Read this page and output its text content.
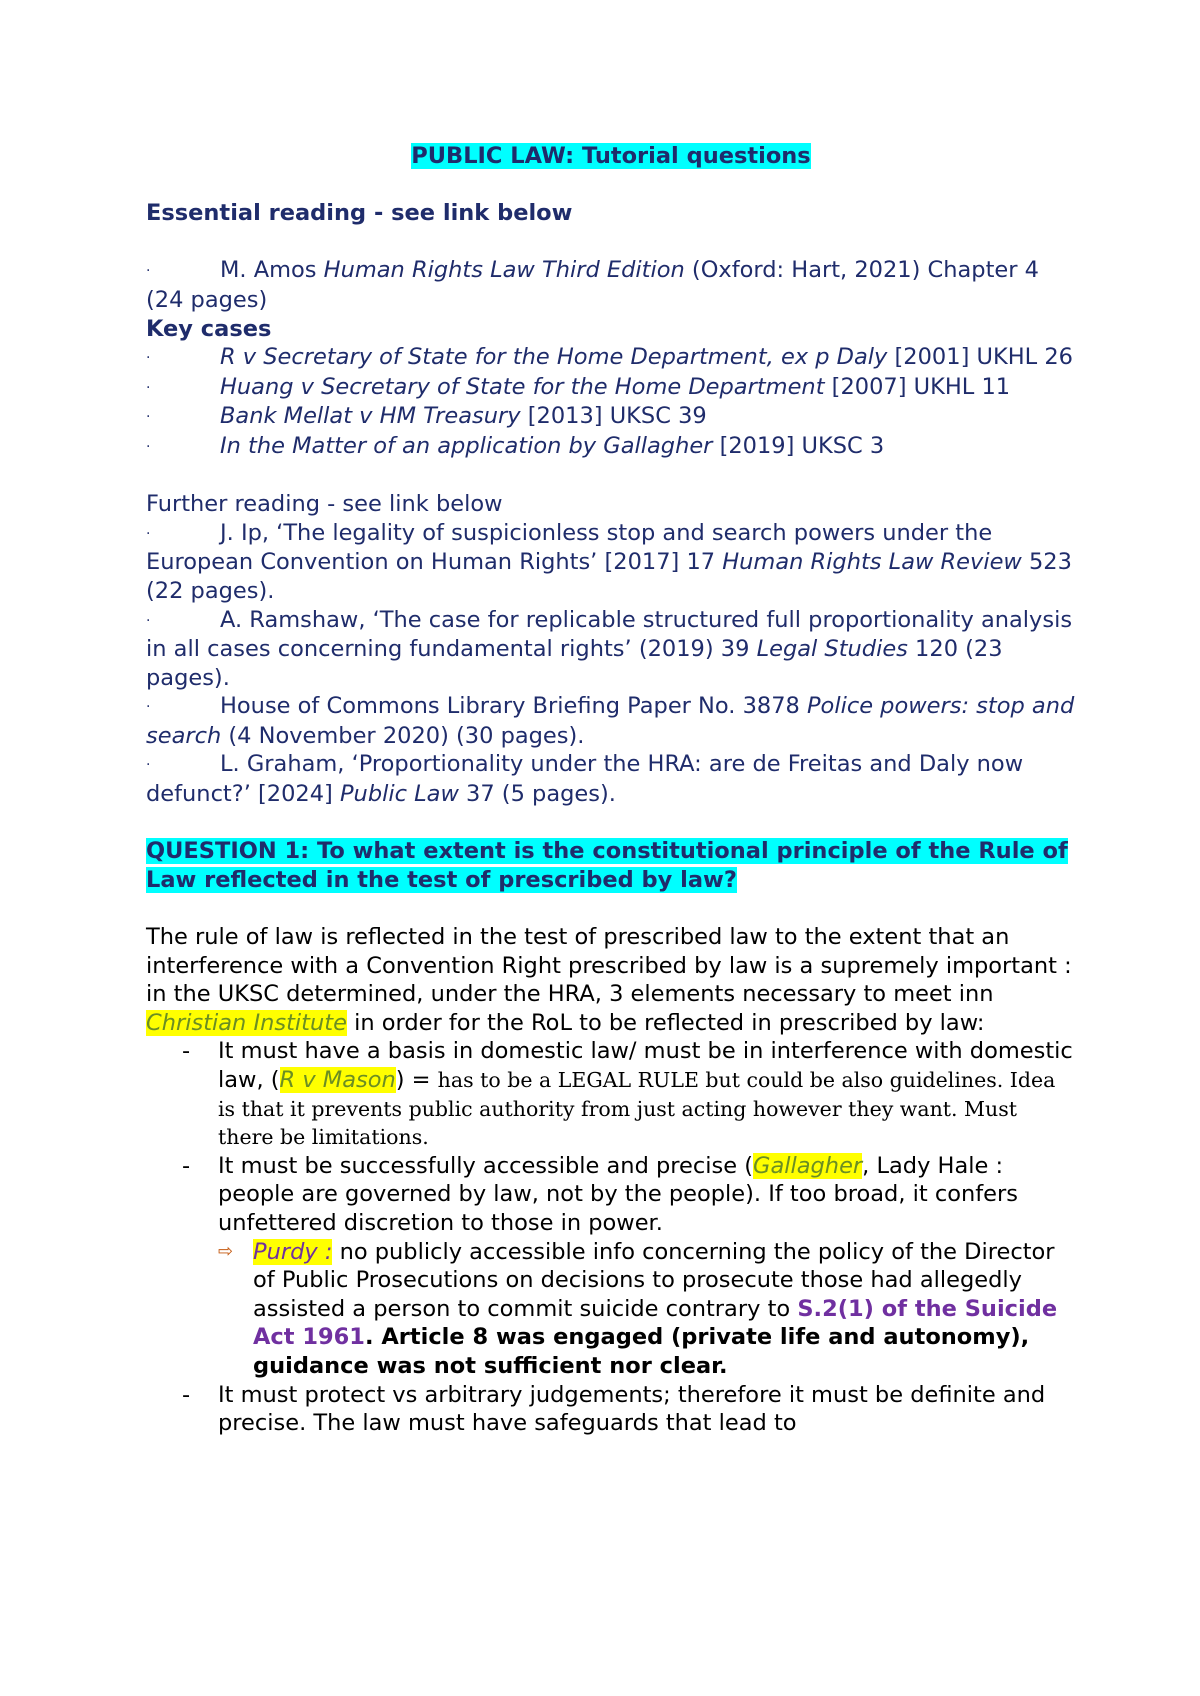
PUBLIC LAW: Tutorial questions
Essential reading - see link below
·	M. Amos Human Rights Law Third Edition (Oxford: Hart, 2021) Chapter 4 (24 pages)
Key cases
·	R v Secretary of State for the Home Department, ex p Daly [2001] UKHL 26
·	Huang v Secretary of State for the Home Department [2007] UKHL 11
·	Bank Mellat v HM Treasury [2013] UKSC 39
·	In the Matter of an application by Gallagher [2019] UKSC 3
Further reading - see link below
·	J. Ip, ‘The legality of suspicionless stop and search powers under the European Convention on Human Rights’ [2017] 17 Human Rights Law Review 523 (22 pages).
·	A. Ramshaw, ‘The case for replicable structured full proportionality analysis in all cases concerning fundamental rights’ (2019) 39 Legal Studies 120 (23 pages).
·	House of Commons Library Briefing Paper No. 3878 Police powers: stop and search (4 November 2020) (30 pages).
·	L. Graham, ‘Proportionality under the HRA: are de Freitas and Daly now defunct?’ [2024] Public Law 37 (5 pages).
QUESTION 1: To what extent is the constitutional principle of the Rule of Law reflected in the test of prescribed by law?
The rule of law is reflected in the test of prescribed law to the extent that an interference with a Convention Right prescribed by law is a supremely important : in the UKSC determined, under the HRA, 3 elements necessary to meet inn Christian Institute in order for the RoL to be reflected in prescribed by law:
- It must have a basis in domestic law/ must be in interference with domestic law, (R v Mason) = has to be a LEGAL RULE but could be also guidelines. Idea is that it prevents public authority from just acting however they want. Must there be limitations.
- It must be successfully accessible and precise (Gallagher, Lady Hale : people are governed by law, not by the people). If too broad, it confers unfettered discretion to those in power.
⇨ Purdy : no publicly accessible info concerning the policy of the Director of Public Prosecutions on decisions to prosecute those had allegedly assisted a person to commit suicide contrary to S.2(1) of the Suicide Act 1961. Article 8 was engaged (private life and autonomy), guidance was not sufficient nor clear.
- It must protect vs arbitrary judgements; therefore it must be definite and precise. The law must have safeguards that lead to
